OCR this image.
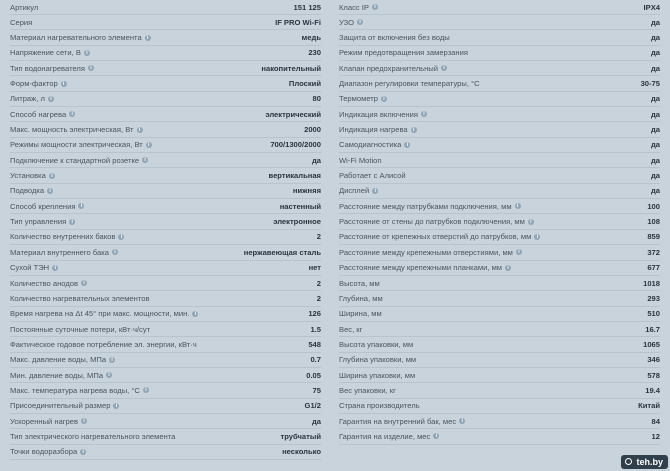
Артикул	151 125
Серия	IF PRO Wi-Fi
Материал нагревательного элемента i	медь
Напряжение сети, В i	230
Тип водонагревателя i	накопительный
Форм-фактор i	Плоский
Литраж, л i	80
Способ нагрева i	электрический
Макс. мощность электрическая, Вт i	2000
Режимы мощности электрическая, Вт i	700/1300/2000
Подключение к стандартной розетке i	да
Установка i	вертикальная
Подводка i	нижняя
Способ крепления i	настенный
Тип управления i	электронное
Количество внутренних баков i	2
Материал внутреннего бака i	нержавеющая сталь
Сухой ТЭН i	нет
Количество анодов i	2
Количество нагревательных элементов	2
Время нагрева на Δt 45° при макс. мощности, мин. i	126
Постоянные суточные потери, кВт·ч/сут	1.5
Фактическое годовое потребление эл. энергии, кВт·ч	548
Макс. давление воды, МПа i	0.7
Мин. давление воды, МПа i	0.05
Макс. температура нагрева воды, °С i	75
Присоединительный размер i	G1/2
Ускоренный нагрев i	да
Тип электрического нагревательного элемента	трубчатый
Точки водоразбора i	несколько
Класс IP i	IPX4
УЗО i	да
Защита от включения без воды	да
Режим предотвращения замерзания	да
Клапан предохранительный i	да
Диапазон регулировки температуры, °С	30-75
Термометр i	да
Индикация включения i	да
Индикация нагрева i	да
Самодиагностика i	да
Wi-Fi Motion	да
Работает с Алисой	да
Дисплей i	да
Расстояние между патрубками подключения, мм i	100
Расстояние от стены до патрубков подключения, мм i	108
Расстояние от крепежных отверстий до патрубков, мм i	859
Расстояние между крепежными отверстиями, мм i	372
Расстояние между крепежными планками, мм i	677
Высота, мм	1018
Глубина, мм	293
Ширина, мм	510
Вес, кг	16.7
Высота упаковки, мм	1065
Глубина упаковки, мм	346
Ширина упаковки, мм	578
Вес упаковки, кг	19.4
Страна производитель	Китай
Гарантия на внутренний бак, мес i	84
Гарантия на изделие, мес i	12
teh.by
